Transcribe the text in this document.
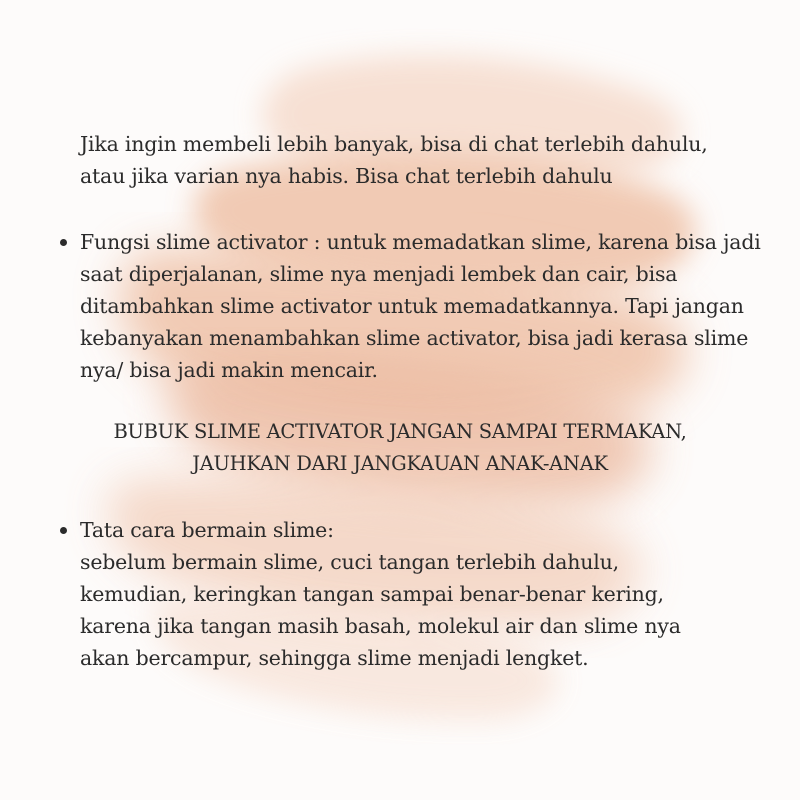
Jika ingin membeli lebih banyak, bisa di chat terlebih dahulu,
atau jika varian nya habis. Bisa chat terlebih dahulu

Fungsi slime activator : untuk memadatkan slime, karena bisa jadi saat diperjalanan, slime nya menjadi lembek dan cair, bisa ditambahkan slime activator untuk memadatkannya. Tapi jangan kebanyakan menambahkan slime activator, bisa jadi kerasa slime nya/ bisa jadi makin mencair.
BUBUK SLIME ACTIVATOR JANGAN SAMPAI TERMAKAN,
JAUHKAN DARI JANGKAUAN ANAK-ANAK
Tata cara bermain slime:
sebelum bermain slime, cuci tangan terlebih dahulu,
kemudian, keringkan tangan sampai benar-benar kering,
karena jika tangan masih basah, molekul air dan slime nya
akan bercampur, sehingga slime menjadi lengket.
